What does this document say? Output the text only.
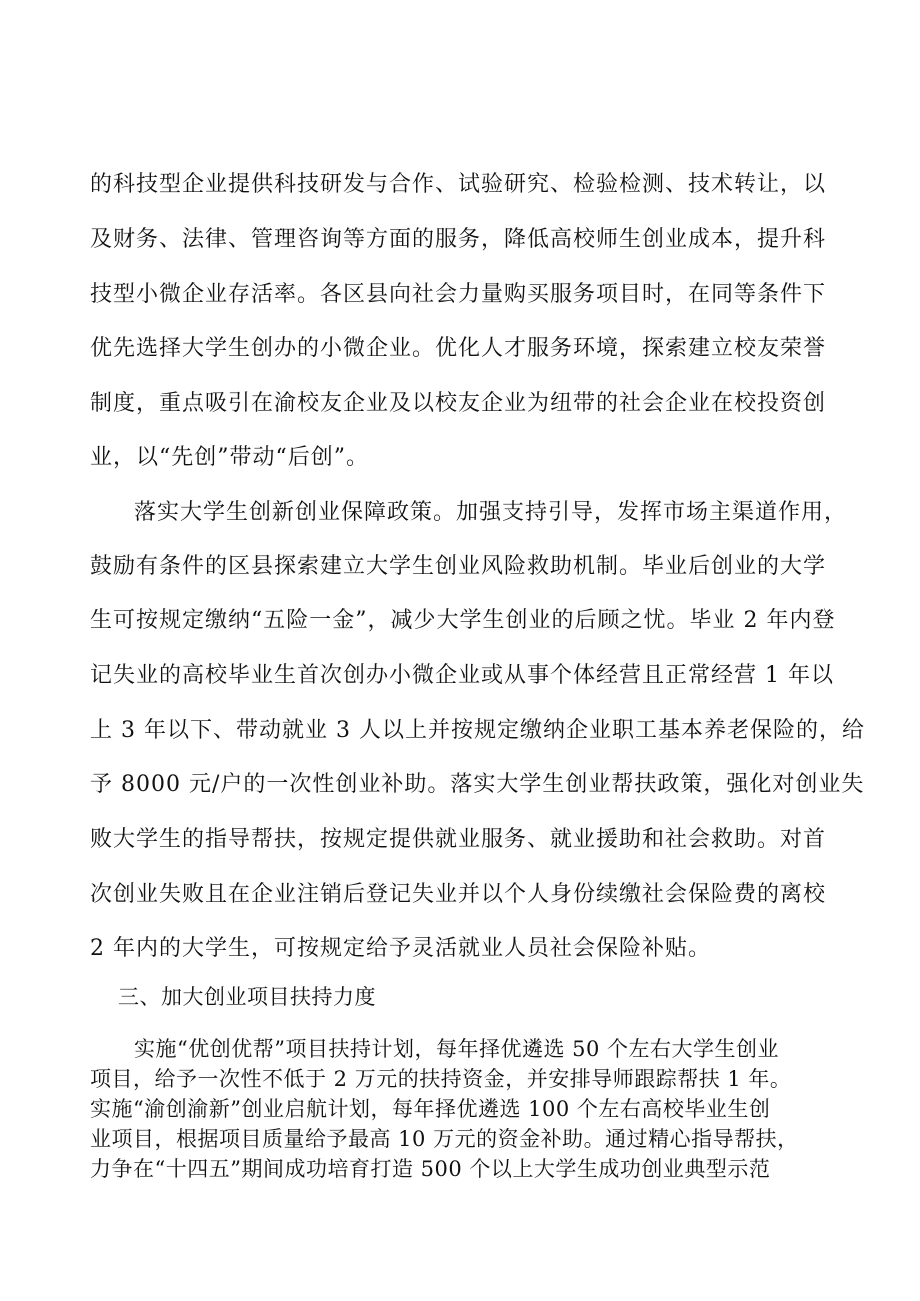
的科技型企业提供科技研发与合作、试验研究、检验检测、技术转让，以
及财务、法律、管理咨询等方面的服务，降低高校师生创业成本，提升科
技型小微企业存活率。各区县向社会力量购买服务项目时，在同等条件下
优先选择大学生创办的小微企业。优化人才服务环境，探索建立校友荣誉
制度，重点吸引在渝校友企业及以校友企业为纽带的社会企业在校投资创
业，以“先创”带动“后创”。
落实大学生创新创业保障政策。加强支持引导，发挥市场主渠道作用，
鼓励有条件的区县探索建立大学生创业风险救助机制。毕业后创业的大学
生可按规定缴纳“五险一金”，减少大学生创业的后顾之忧。毕业 2 年内登
记失业的高校毕业生首次创办小微企业或从事个体经营且正常经营 1 年以
上 3 年以下、带动就业 3 人以上并按规定缴纳企业职工基本养老保险的，给
予 8000 元/户的一次性创业补助。落实大学生创业帮扶政策，强化对创业失
败大学生的指导帮扶，按规定提供就业服务、就业援助和社会救助。对首
次创业失败且在企业注销后登记失业并以个人身份续缴社会保险费的离校
2 年内的大学生，可按规定给予灵活就业人员社会保险补贴。
三、加大创业项目扶持力度
实施“优创优帮”项目扶持计划，每年择优遴选 50 个左右大学生创业
项目，给予一次性不低于 2 万元的扶持资金，并安排导师跟踪帮扶 1 年。
实施“渝创渝新”创业启航计划，每年择优遴选 100 个左右高校毕业生创
业项目，根据项目质量给予最高 10 万元的资金补助。通过精心指导帮扶，
力争在“十四五”期间成功培育打造 500 个以上大学生成功创业典型示范
